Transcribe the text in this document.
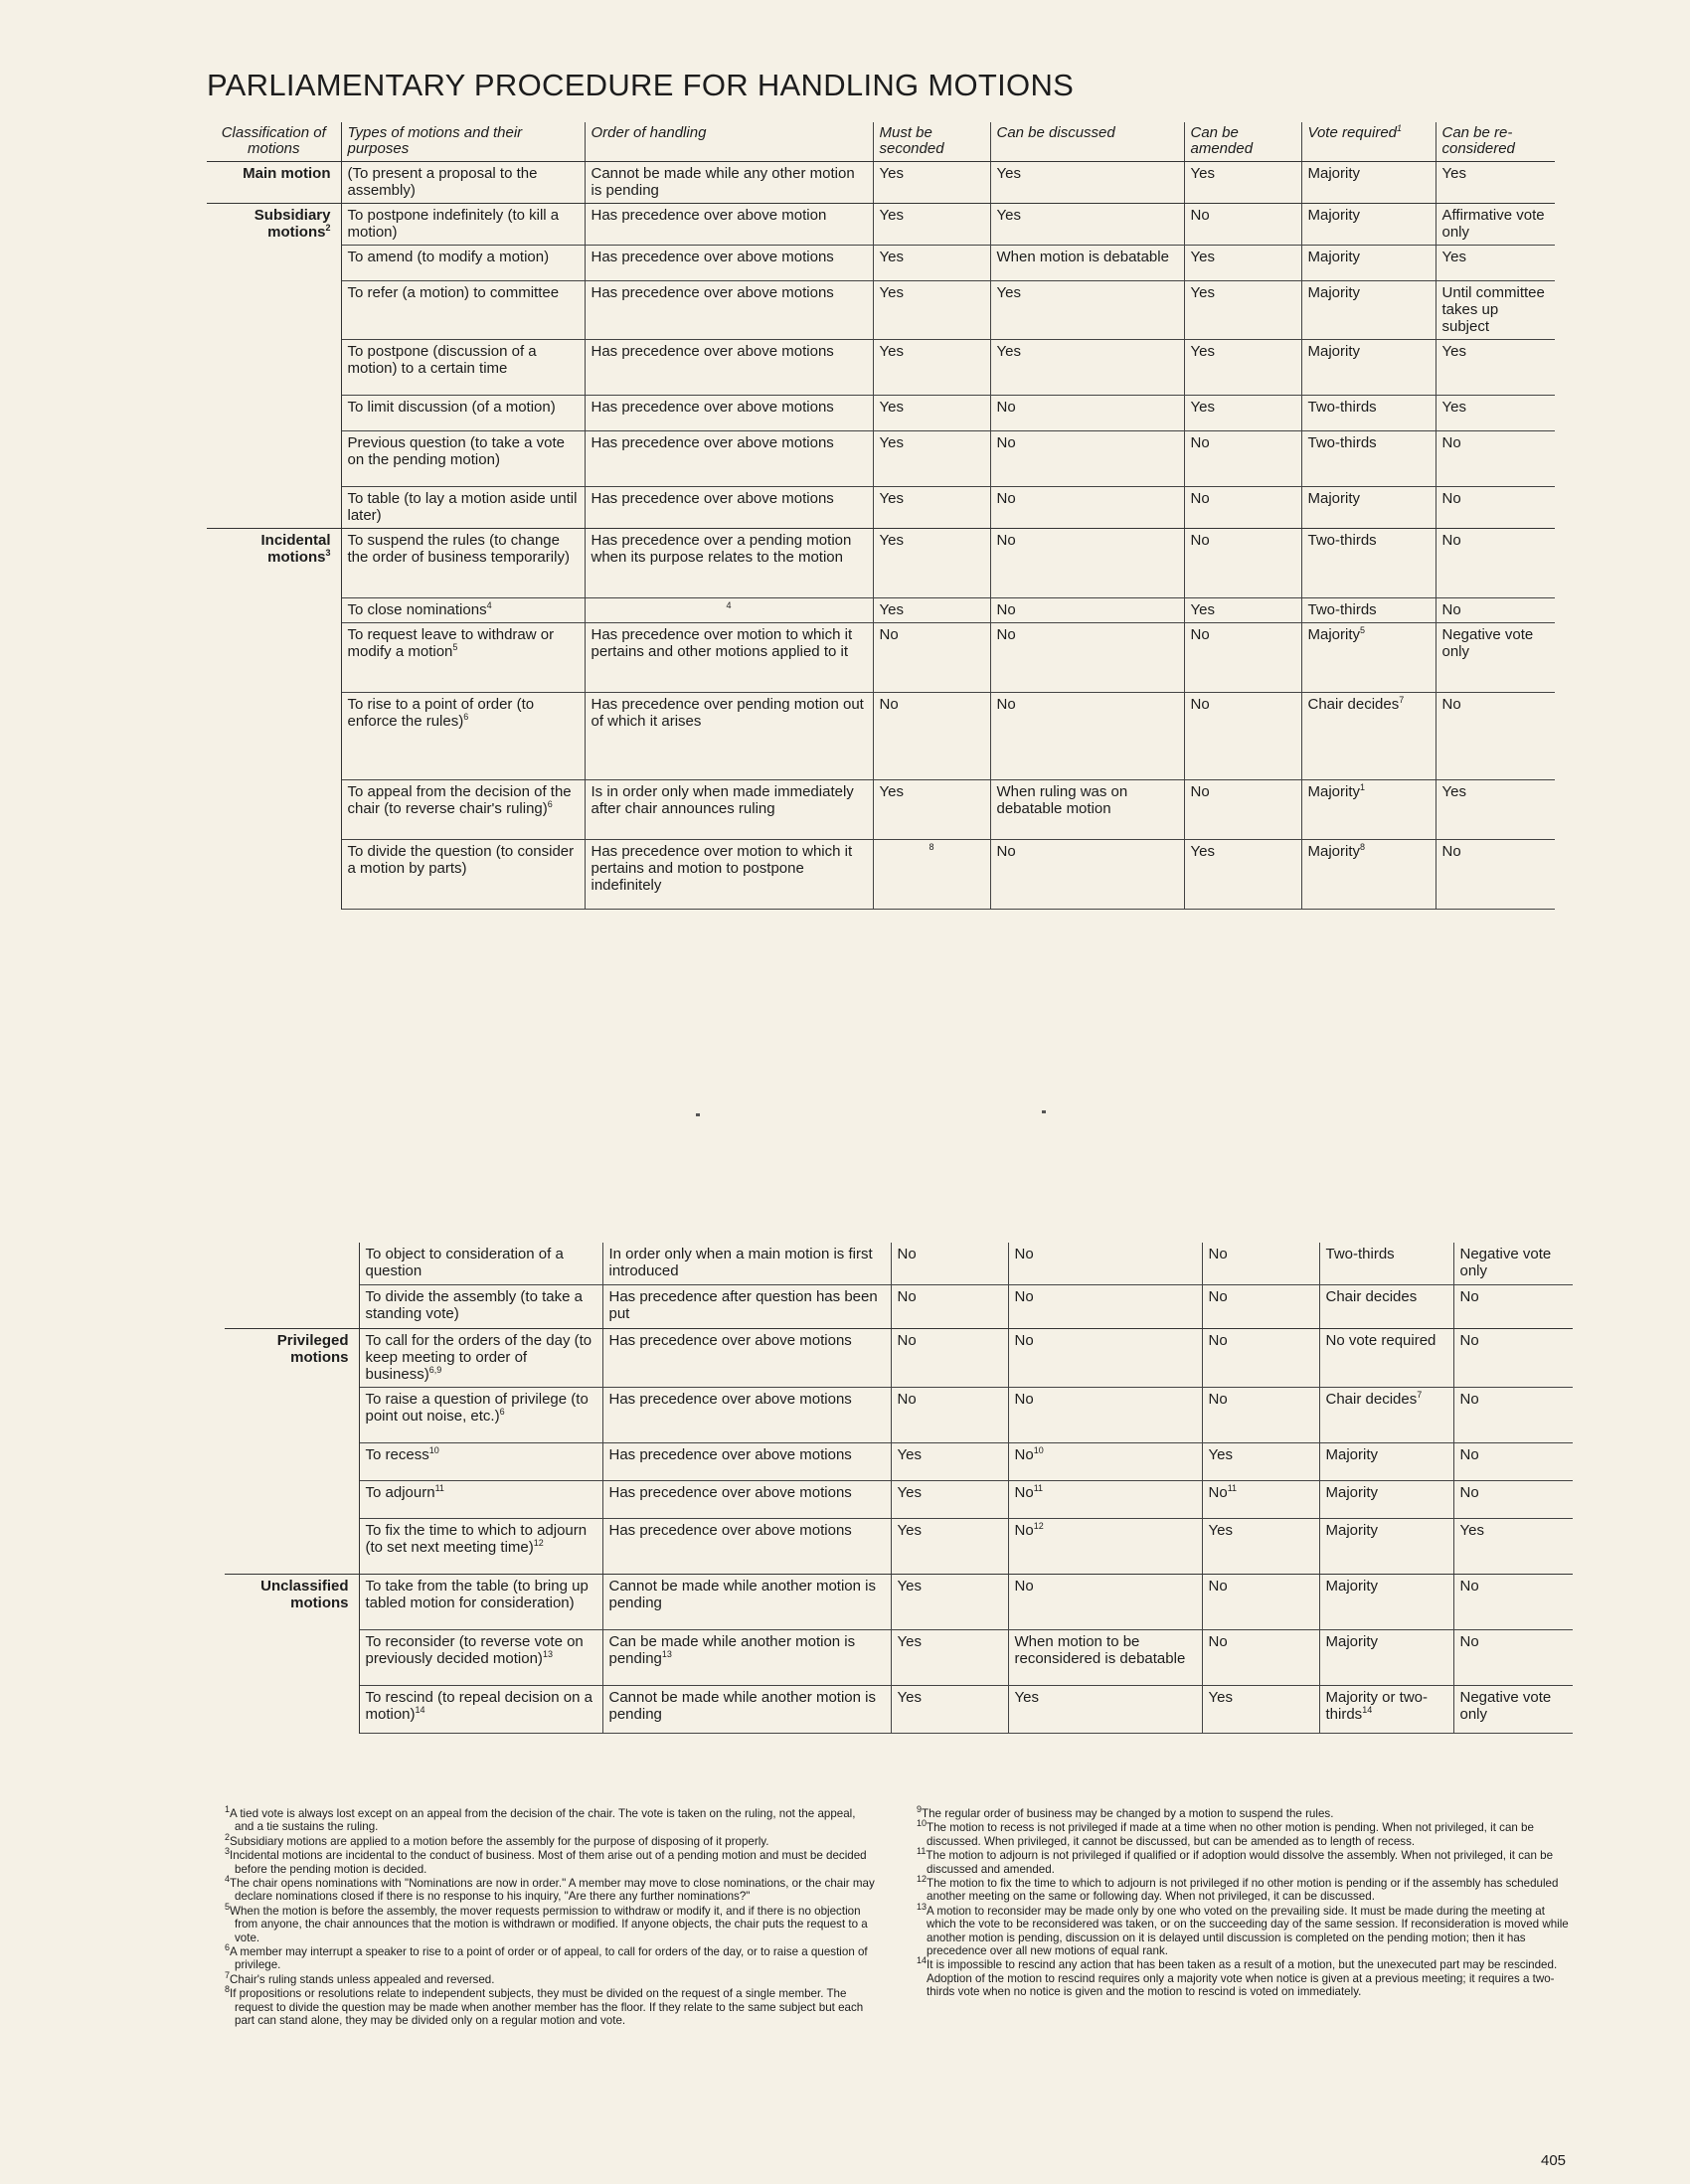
PARLIAMENTARY PROCEDURE FOR HANDLING MOTIONS
Classification of motions	Types of motions and their purposes	Order of handling	Must be seconded	Can be discussed	Can be amended	Vote required$^1$	Can be re-considered
Main motion	(To present a proposal to the assembly)	Cannot be made while any other motion is pending	Yes	Yes	Yes	Majority	Yes
Subsidiary motions$^2$	To postpone indefinitely (to kill a motion)	Has precedence over above motion	Yes	Yes	No	Majority	Affirmative vote only
	To amend (to modify a motion)	Has precedence over above motions	Yes	When motion is debatable	Yes	Majority	Yes
	To refer (a motion) to committee	Has precedence over above motions	Yes	Yes	Yes	Majority	Until committee takes up subject
	To postpone (discussion of a motion) to a certain time	Has precedence over above motions	Yes	Yes	Yes	Majority	Yes
	To limit discussion (of a motion)	Has precedence over above motions	Yes	No	Yes	Two-thirds	Yes
	Previous question (to take a vote on the pending motion)	Has precedence over above motions	Yes	No	No	Two-thirds	No
	To table (to lay a motion aside until later)	Has precedence over above motions	Yes	No	No	Majority	No
Incidental motions$^3$	To suspend the rules (to change the order of business temporarily)	Has precedence over a pending motion when its purpose relates to the motion	Yes	No	No	Two-thirds	No
	To close nominations$^4$	$^4$	Yes	No	Yes	Two-thirds	No
	To request leave to withdraw or modify a motion$^5$	Has precedence over motion to which it pertains and other motions applied to it	No	No	No	Majority$^5$	Negative vote only
	To rise to a point of order (to enforce the rules)$^6$	Has precedence over pending motion out of which it arises	No	No	No	Chair decides$^7$	No
	To appeal from the decision of the chair (to reverse chair's ruling)$^6$	Is in order only when made immediately after chair announces ruling	Yes	When ruling was on debatable motion	No	Majority$^1$	Yes
	To divide the question (to consider a motion by parts)	Has precedence over motion to which it pertains and motion to postpone indefinitely	$^8$	No	Yes	Majority$^8$	No
	To object to consideration of a question	In order only when a main motion is first introduced	No	No	No	Two-thirds	Negative vote only
	To divide the assembly (to take a standing vote)	Has precedence after question has been put	No	No	No	Chair decides	No
Privileged motions	To call for the orders of the day (to keep meeting to order of business)$^{6,9}$	Has precedence over above motions	No	No	No	No vote required	No
	To raise a question of privilege (to point out noise, etc.)$^6$	Has precedence over above motions	No	No	No	Chair decides$^7$	No
	To recess$^{10}$	Has precedence over above motions	Yes	No$^{10}$	Yes	Majority	No
	To adjourn$^{11}$	Has precedence over above motions	Yes	No$^{11}$	No$^{11}$	Majority	No
	To fix the time to which to adjourn (to set next meeting time)$^{12}$	Has precedence over above motions	Yes	No$^{12}$	Yes	Majority	Yes
Unclassified motions	To take from the table (to bring up tabled motion for consideration)	Cannot be made while another motion is pending	Yes	No	No	Majority	No
	To reconsider (to reverse vote on previously decided motion)$^{13}$	Can be made while another motion is pending$^{13}$	Yes	When motion to be reconsidered is debatable	No	Majority	No
	To rescind (to repeal decision on a motion)$^{14}$	Cannot be made while another motion is pending	Yes	Yes	Yes	Majority or two-thirds$^{14}$	Negative vote only

$^1$A tied vote is always lost except on an appeal from the decision of the chair. The vote is taken on the ruling, not the appeal, and a tie sustains the ruling.

$^2$Subsidiary motions are applied to a motion before the assembly for the purpose of disposing of it properly.

$^3$Incidental motions are incidental to the conduct of business. Most of them arise out of a pending motion and must be decided before the pending motion is decided.

$^4$The chair opens nominations with "Nominations are now in order." A member may move to close nominations, or the chair may declare nominations closed if there is no response to his inquiry, "Are there any further nominations?"

$^5$When the motion is before the assembly, the mover requests permission to withdraw or modify it, and if there is no objection from anyone, the chair announces that the motion is withdrawn or modified. If anyone objects, the chair puts the request to a vote.

$^6$A member may interrupt a speaker to rise to a point of order or of appeal, to call for orders of the day, or to raise a question of privilege.

$^7$Chair's ruling stands unless appealed and reversed.

$^8$If propositions or resolutions relate to independent subjects, they must be divided on the request of a single member. The request to divide the question may be made when another member has the floor. If they relate to the same subject but each part can stand alone, they may be divided only on a regular motion and vote.

$^9$The regular order of business may be changed by a motion to suspend the rules.

$^{10}$The motion to recess is not privileged if made at a time when no other motion is pending. When not privileged, it can be discussed. When privileged, it cannot be discussed, but can be amended as to length of recess.

$^{11}$The motion to adjourn is not privileged if qualified or if adoption would dissolve the assembly. When not privileged, it can be discussed and amended.

$^{12}$The motion to fix the time to which to adjourn is not privileged if no other motion is pending or if the assembly has scheduled another meeting on the same or following day. When not privileged, it can be discussed.

$^{13}$A motion to reconsider may be made only by one who voted on the prevailing side. It must be made during the meeting at which the vote to be reconsidered was taken, or on the succeeding day of the same session. If reconsideration is moved while another motion is pending, discussion on it is delayed until discussion is completed on the pending motion; then it has precedence over all new motions of equal rank.

$^{14}$It is impossible to rescind any action that has been taken as a result of a motion, but the unexecuted part may be rescinded. Adoption of the motion to rescind requires only a majority vote when notice is given at a previous meeting; it requires a two-thirds vote when no notice is given and the motion to rescind is voted on immediately.

405
